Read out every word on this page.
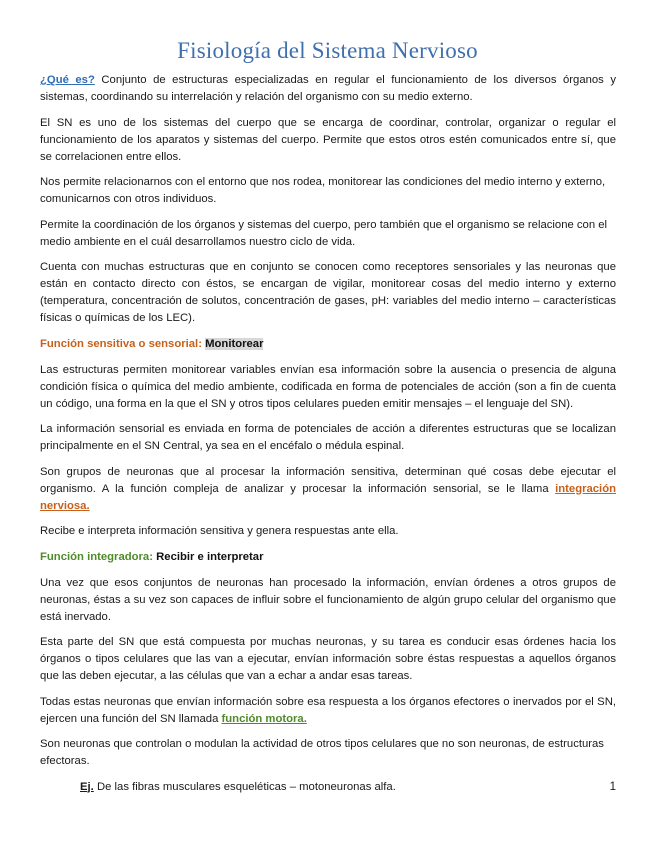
Fisiología del Sistema Nervioso

¿Qué es? Conjunto de estructuras especializadas en regular el funcionamiento de los diversos órganos y sistemas, coordinando su interrelación y relación del organismo con su medio externo.

El SN es uno de los sistemas del cuerpo que se encarga de coordinar, controlar, organizar o regular el funcionamiento de los aparatos y sistemas del cuerpo. Permite que estos otros estén comunicados entre sí, que se correlacionen entre ellos.

Nos permite relacionarnos con el entorno que nos rodea, monitorear las condiciones del medio interno y externo, comunicarnos con otros individuos.

Permite la coordinación de los órganos y sistemas del cuerpo, pero también que el organismo se relacione con el medio ambiente en el cuál desarrollamos nuestro ciclo de vida.

Cuenta con muchas estructuras que en conjunto se conocen como receptores sensoriales y las neuronas que están en contacto directo con éstos, se encargan de vigilar, monitorear cosas del medio interno y externo (temperatura, concentración de solutos, concentración de gases, pH: variables del medio interno – características físicas o químicas de los LEC).

Función sensitiva o sensorial: Monitorear

Las estructuras permiten monitorear variables envían esa información sobre la ausencia o presencia de alguna condición física o química del medio ambiente, codificada en forma de potenciales de acción (son a fin de cuenta un código, una forma en la que el SN y otros tipos celulares pueden emitir mensajes – el lenguaje del SN).

La información sensorial es enviada en forma de potenciales de acción a diferentes estructuras que se localizan principalmente en el SN Central, ya sea en el encéfalo o médula espinal.

Son grupos de neuronas que al procesar la información sensitiva, determinan qué cosas debe ejecutar el organismo. A la función compleja de analizar y procesar la información sensorial, se le llama integración nerviosa.

Recibe e interpreta información sensitiva y genera respuestas ante ella.

Función integradora: Recibir e interpretar

Una vez que esos conjuntos de neuronas han procesado la información, envían órdenes a otros grupos de neuronas, éstas a su vez son capaces de influir sobre el funcionamiento de algún grupo celular del organismo que está inervado.

Esta parte del SN que está compuesta por muchas neuronas, y su tarea es conducir esas órdenes hacia los órganos o tipos celulares que las van a ejecutar, envían información sobre éstas respuestas a aquellos órganos que las deben ejecutar, a las células que van a echar a andar esas tareas.

Todas estas neuronas que envían información sobre esa respuesta a los órganos efectores o inervados por el SN, ejercen una función del SN llamada función motora.

Son neuronas que controlan o modulan la actividad de otros tipos celulares que no son neuronas, de estructuras efectoras.

Ej. De las fibras musculares esqueléticas – motoneuronas alfa.	1
